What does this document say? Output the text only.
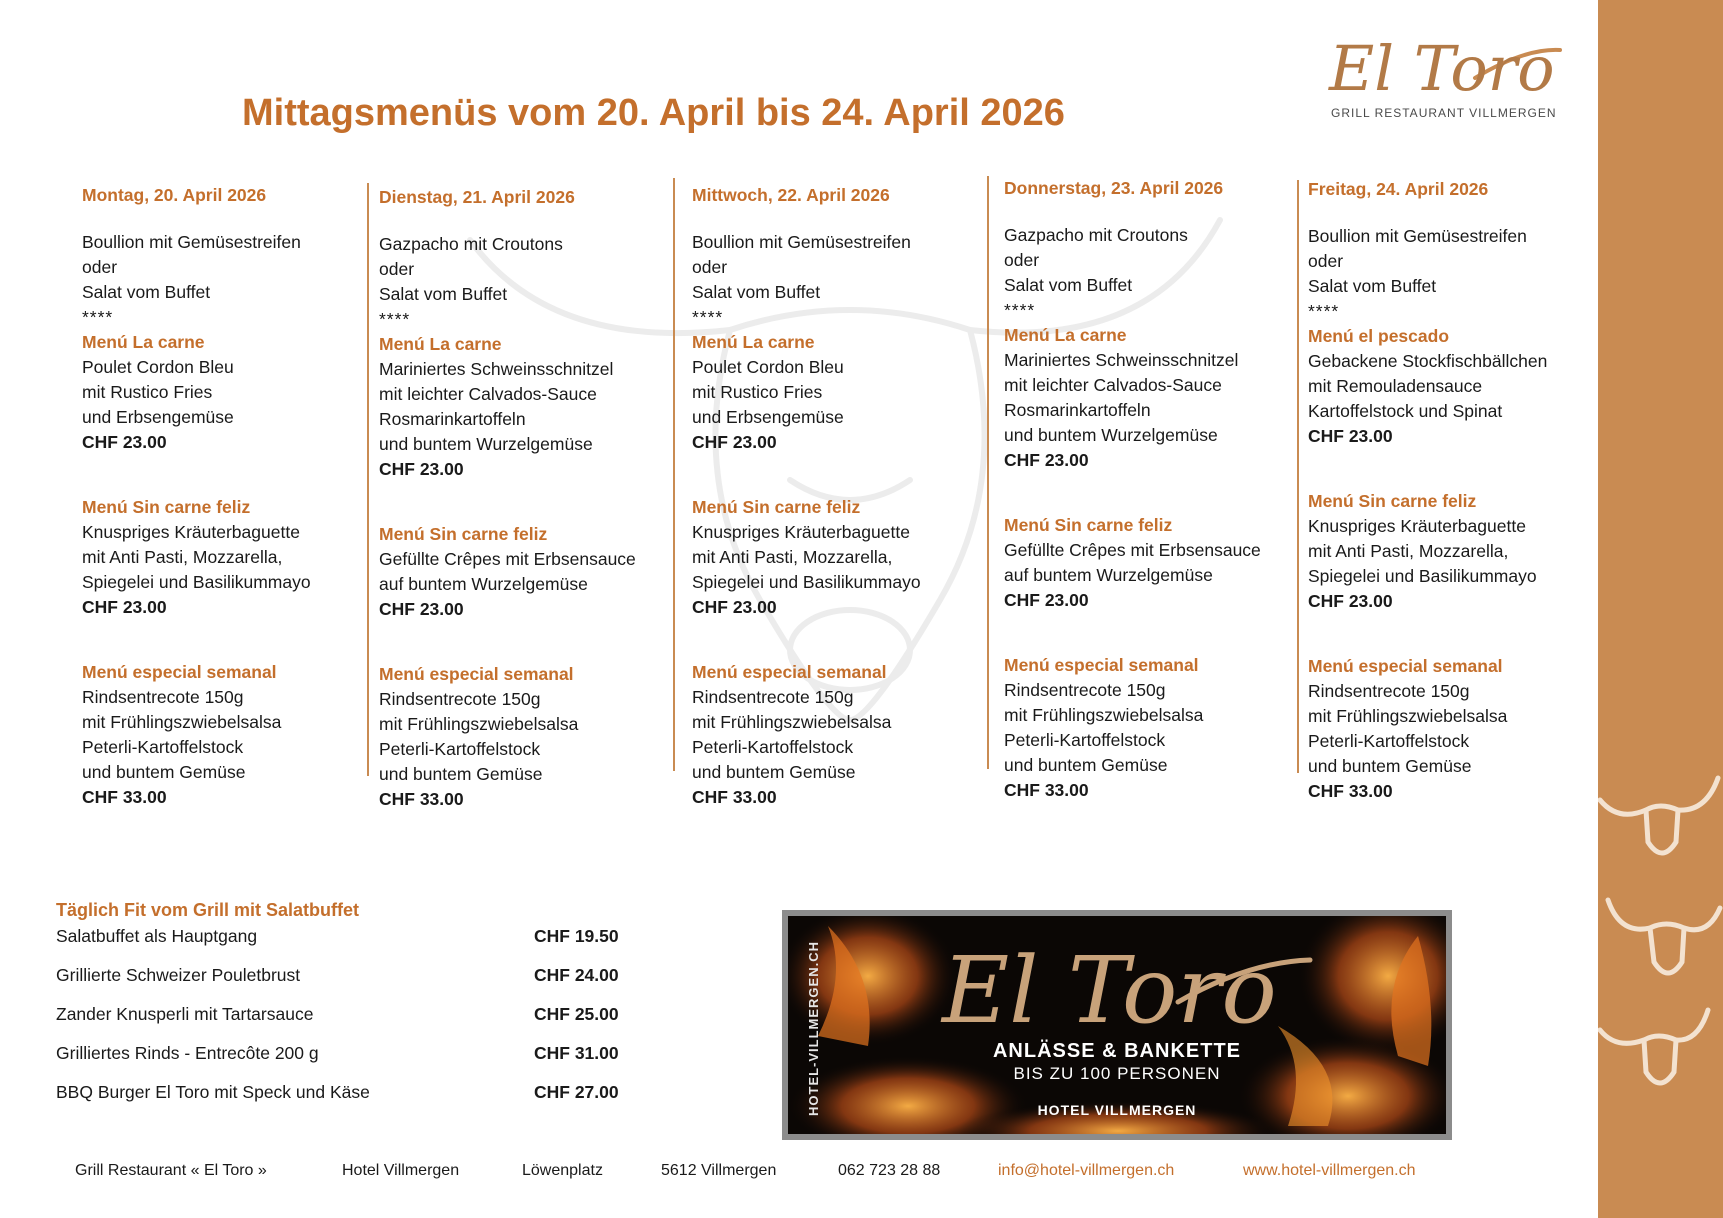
El Toro
GRILL RESTAURANT VILLMERGEN
Mittagsmenüs vom 20. April bis 24. April 2026
Montag, 20. April 2026
Boullion mit Gemüsestreifen
oder
Salat vom Buffet
****
Menú La carne
Poulet Cordon Bleu
mit Rustico Fries
und Erbsengemüse
CHF 23.00
Menú Sin carne feliz
Knuspriges Kräuterbaguette
mit Anti Pasti, Mozzarella,
Spiegelei und Basilikummayo
CHF 23.00
Menú especial semanal
Rindsentrecote 150g
mit Frühlingszwiebelsalsa
Peterli-Kartoffelstock
und buntem Gemüse
CHF 33.00
Dienstag, 21. April 2026
Gazpacho mit Croutons
oder
Salat vom Buffet
****
Menú La carne
Mariniertes Schweinsschnitzel
mit leichter Calvados-Sauce
Rosmarinkartoffeln
und buntem Wurzelgemüse
CHF 23.00
Menú Sin carne feliz
Gefüllte Crêpes mit Erbsensauce
auf buntem Wurzelgemüse
CHF 23.00
Menú especial semanal
Rindsentrecote 150g
mit Frühlingszwiebelsalsa
Peterli-Kartoffelstock
und buntem Gemüse
CHF 33.00
Mittwoch, 22. April 2026
Boullion mit Gemüsestreifen
oder
Salat vom Buffet
****
Menú La carne
Poulet Cordon Bleu
mit Rustico Fries
und Erbsengemüse
CHF 23.00
Menú Sin carne feliz
Knuspriges Kräuterbaguette
mit Anti Pasti, Mozzarella,
Spiegelei und Basilikummayo
CHF 23.00
Menú especial semanal
Rindsentrecote 150g
mit Frühlingszwiebelsalsa
Peterli-Kartoffelstock
und buntem Gemüse
CHF 33.00
Donnerstag, 23. April 2026
Gazpacho mit Croutons
oder
Salat vom Buffet
****
Menú La carne
Mariniertes Schweinsschnitzel
mit leichter Calvados-Sauce
Rosmarinkartoffeln
und buntem Wurzelgemüse
CHF 23.00
Menú Sin carne feliz
Gefüllte Crêpes mit Erbsensauce
auf buntem Wurzelgemüse
CHF 23.00
Menú especial semanal
Rindsentrecote 150g
mit Frühlingszwiebelsalsa
Peterli-Kartoffelstock
und buntem Gemüse
CHF 33.00
Freitag, 24. April 2026
Boullion mit Gemüsestreifen
oder
Salat vom Buffet
****
Menú el pescado
Gebackene Stockfischbällchen
mit Remouladensauce
Kartoffelstock und Spinat
CHF 23.00
Menú Sin carne feliz
Knuspriges Kräuterbaguette
mit Anti Pasti, Mozzarella,
Spiegelei und Basilikummayo
CHF 23.00
Menú especial semanal
Rindsentrecote 150g
mit Frühlingszwiebelsalsa
Peterli-Kartoffelstock
und buntem Gemüse
CHF 33.00
Täglich Fit vom Grill mit Salatbuffet
Salatbuffet als Hauptgang	CHF 19.50
Grillierte Schweizer Pouletbrust	CHF 24.00
Zander Knusperli mit Tartarsauce	CHF 25.00
Grilliertes Rinds - Entrecôte 200 g	CHF 31.00
BBQ Burger El Toro mit Speck und Käse	CHF 27.00	HOTEL-VILLMERGEN.CH El Toro
ANLÄSSE & BANKETTE
BIS ZU 100 PERSONEN
HOTEL VILLMERGEN
Grill Restaurant « El Toro »	Hotel Villmergen	Löwenplatz	5612 Villmergen	062 723 28 88	info@hotel-villmergen.ch	www.hotel-villmergen.ch
